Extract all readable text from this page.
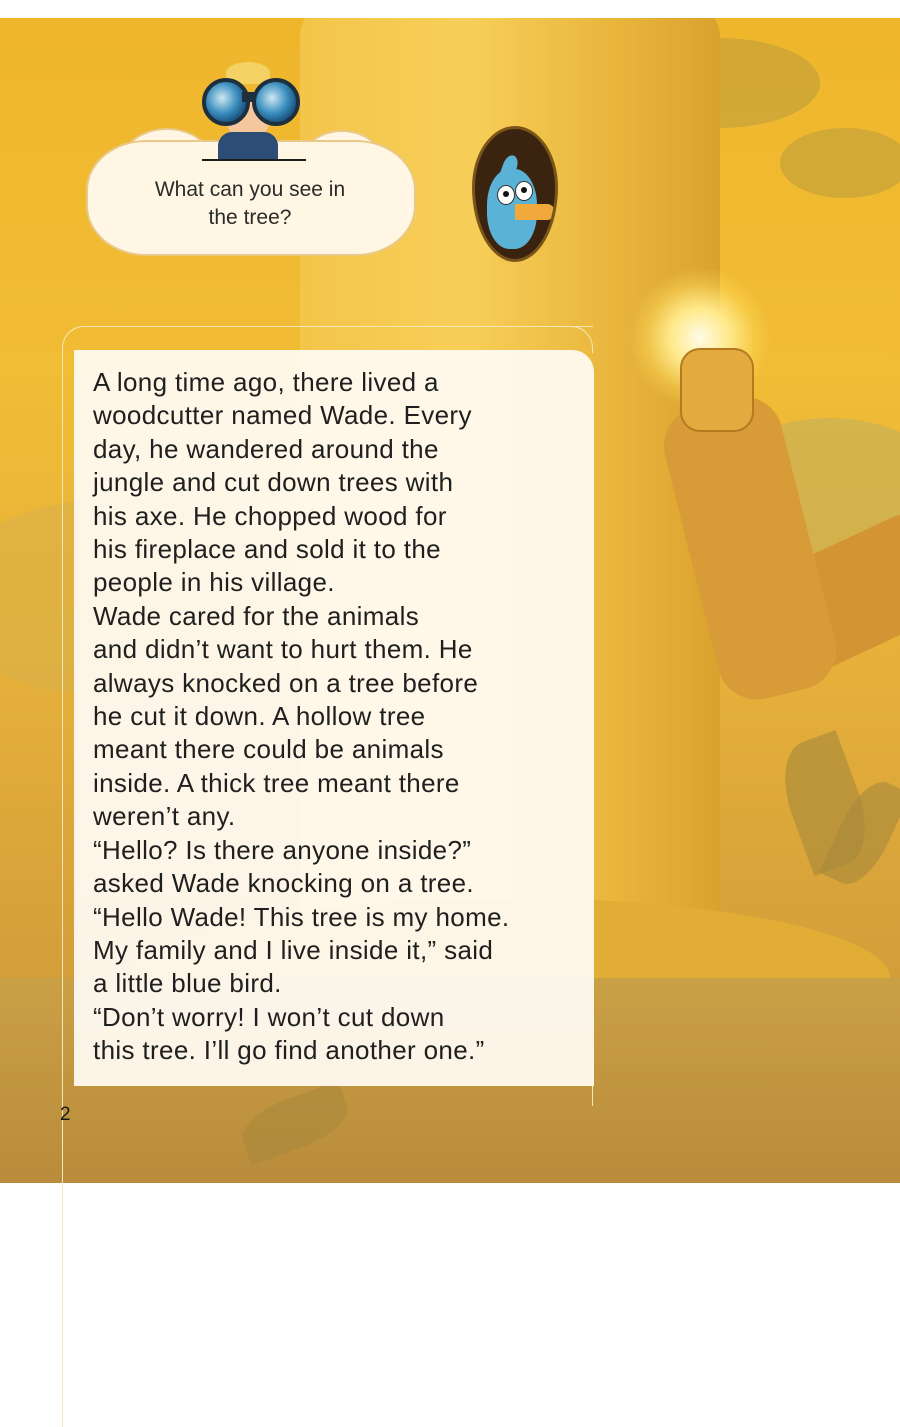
What can you see in
the tree?

A long time ago, there lived a

woodcutter named Wade. Every

day, he wandered around the

jungle and cut down trees with

his axe. He chopped wood for

his fireplace and sold it to the

people in his village.

Wade cared for the animals

and didn’t want to hurt them. He

always knocked on a tree before

he cut it down. A hollow tree

meant there could be animals

inside. A thick tree meant there

weren’t any.

“Hello? Is there anyone inside?”

asked Wade knocking on a tree.

“Hello Wade! This tree is my home.

My family and I live inside it,” said

a little blue bird.

“Don’t worry! I won’t cut down

this tree. I’ll go find another one.”

2
